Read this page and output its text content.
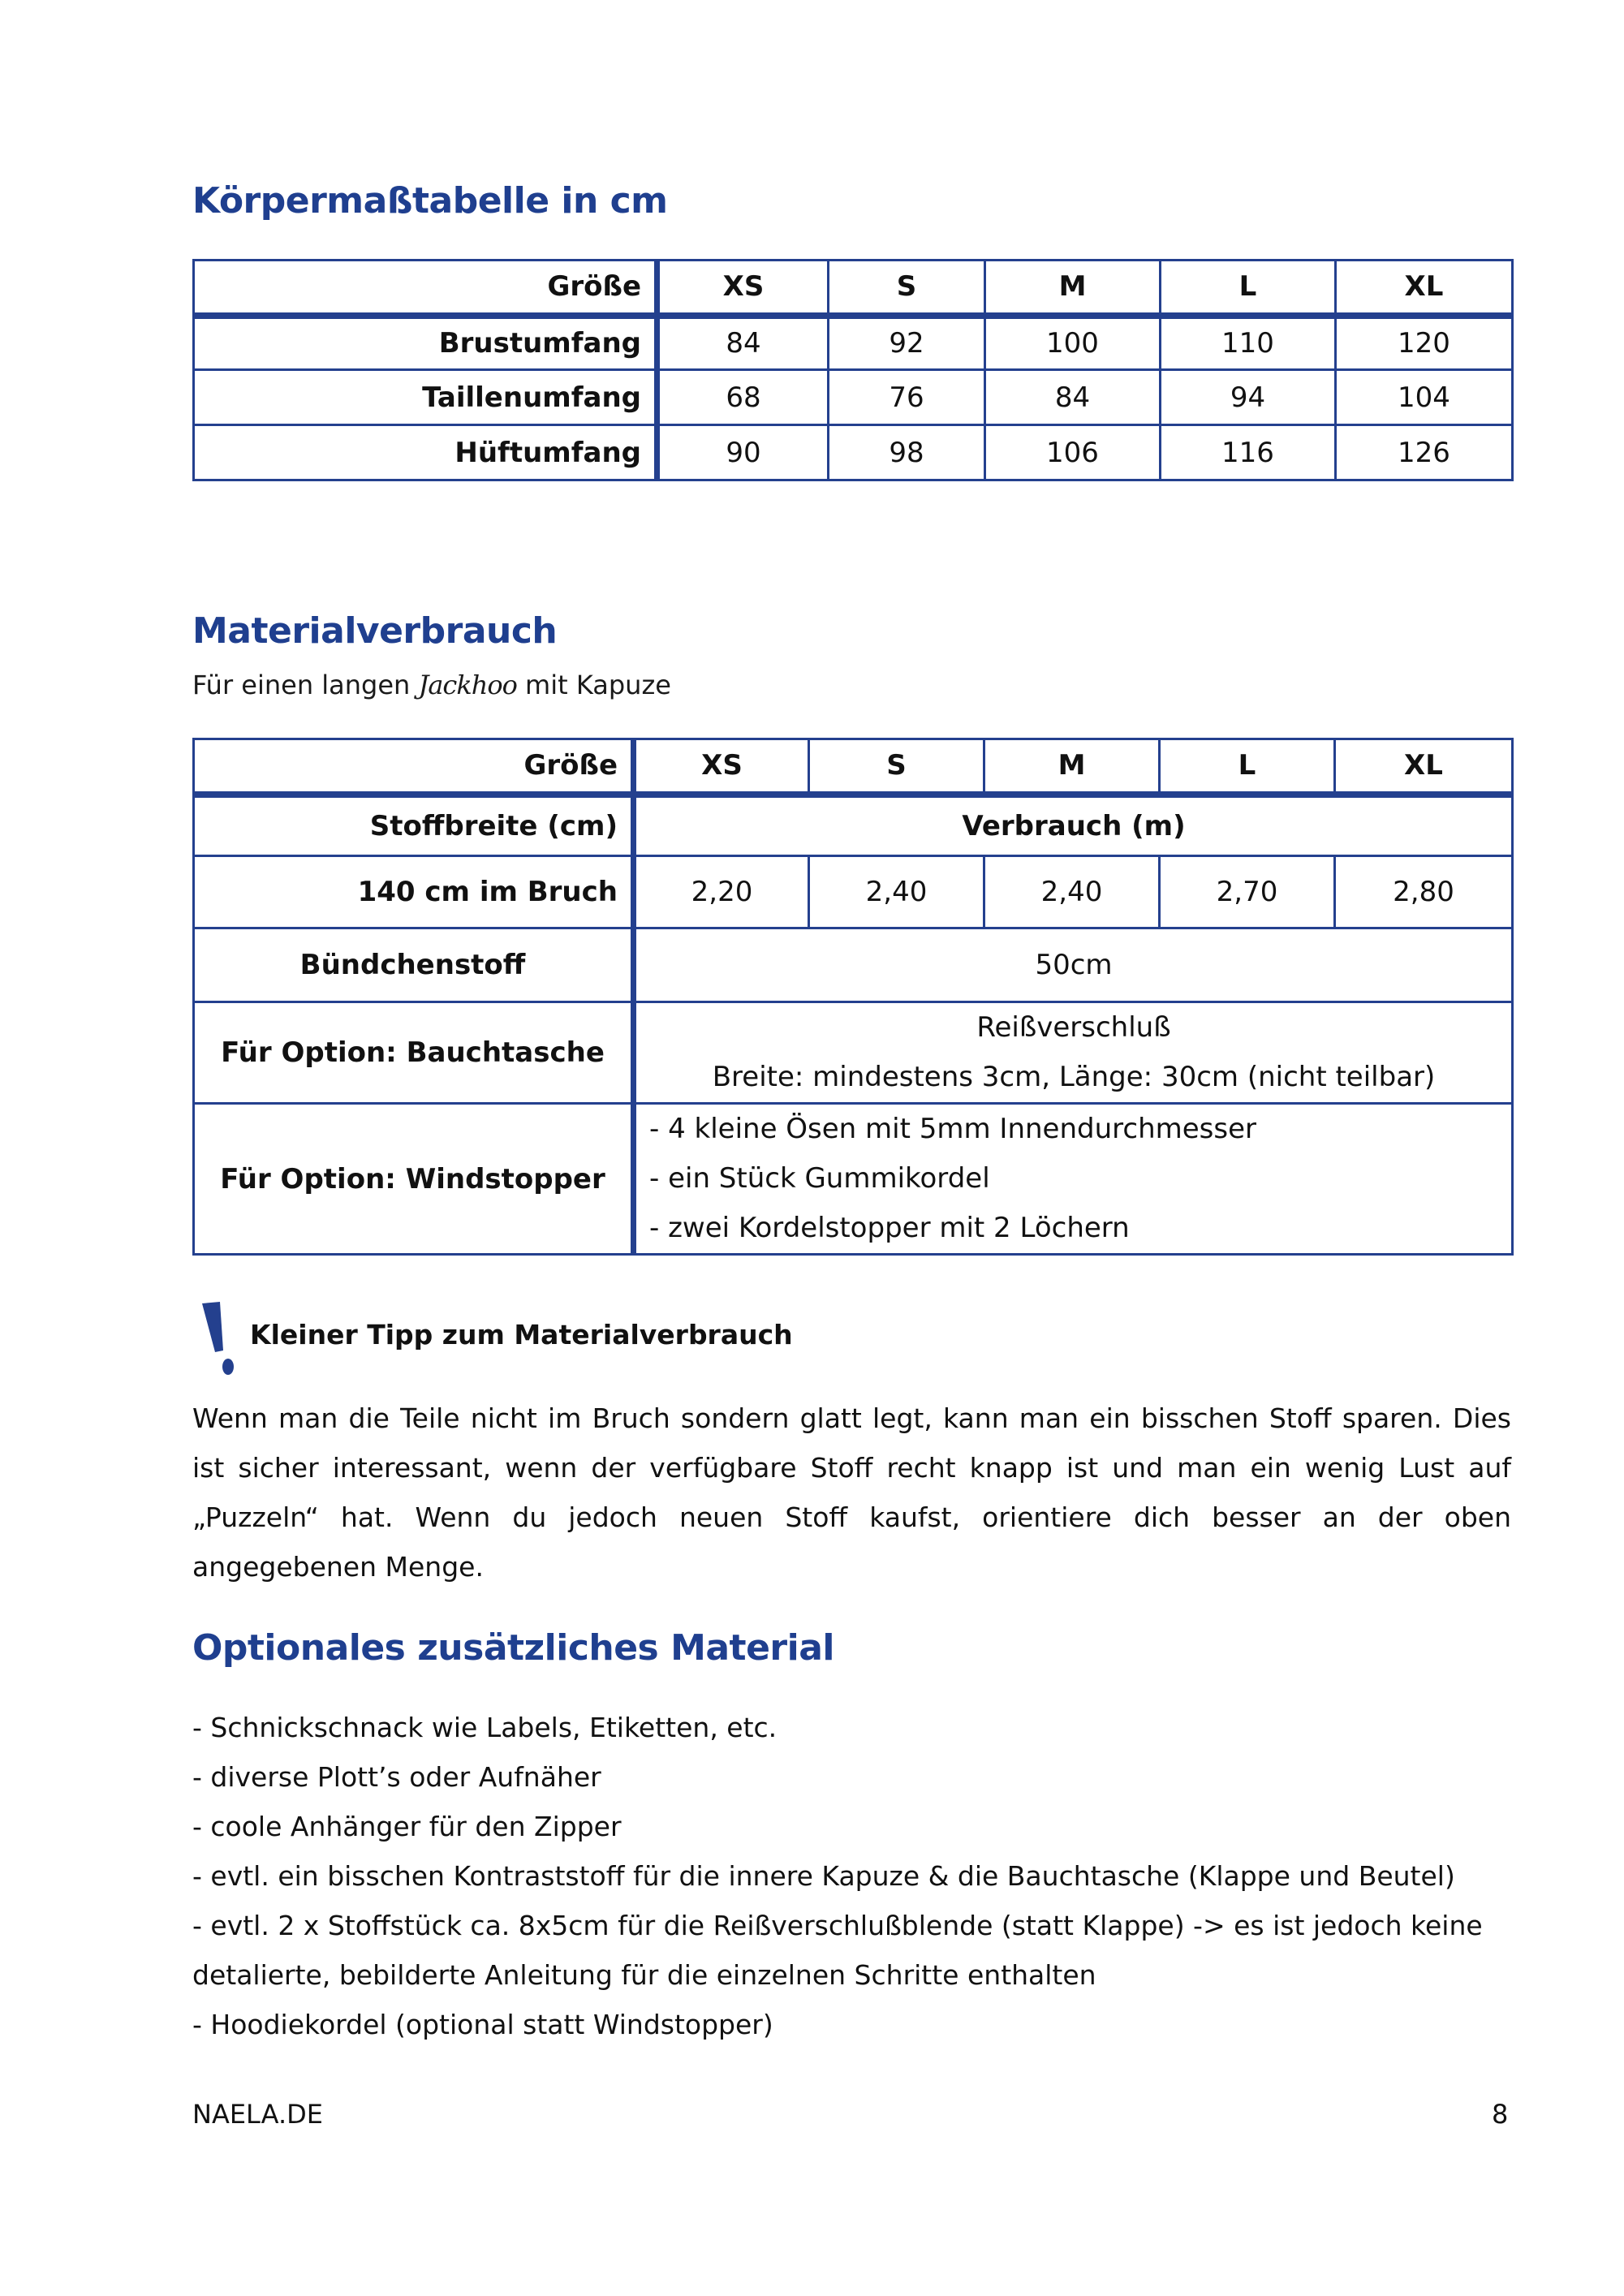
Körpermaßtabelle in cm
Größe	XS	S	M	L	XL
Brustumfang	84	92	100	110	120
Taillenumfang	68	76	84	94	104
Hüftumfang	90	98	106	116	126
Materialverbrauch
Für einen langen Jackhoo mit Kapuze
Größe	XS	S	M	L	XL
Stoffbreite (cm)	Verbrauch (m)				
140 cm im Bruch	2,20	2,40	2,40	2,70	2,80
Bündchenstoff	50cm				
Für Option: Bauchtasche	Reißverschluß
Breite: mindestens 3cm, Länge: 30cm (nicht teilbar)				

Für Option: Windstopper	- 4 kleine Ösen mit 5mm Innendurchmesser
- ein Stück Gummikordel
- zwei Kordelstopper mit 2 Löchern				
Kleiner Tipp zum Materialverbrauch
Wenn man die Teile nicht im Bruch sondern glatt legt, kann man ein bisschen Stoff sparen. Dies ist sicher interessant, wenn der verfügbare Stoff recht knapp ist und man ein wenig Lust auf „Puzzeln“ hat. Wenn du jedoch neuen Stoff kaufst, orientiere dich besser an der oben angegebenen Menge.
Optionales zusätzliches Material
- Schnickschnack wie Labels, Etiketten, etc.
- diverse Plott’s oder Aufnäher
- coole Anhänger für den Zipper
- evtl. ein bisschen Kontraststoff für die innere Kapuze & die Bauchtasche (Klappe und Beutel)
- evtl. 2 x Stoffstück ca. 8x5cm für die Reißverschlußblende (statt Klappe) -> es ist jedoch keine
detalierte, bebilderte Anleitung für die einzelnen Schritte enthalten
- Hoodiekordel (optional statt Windstopper)
NAELA.DE	8
